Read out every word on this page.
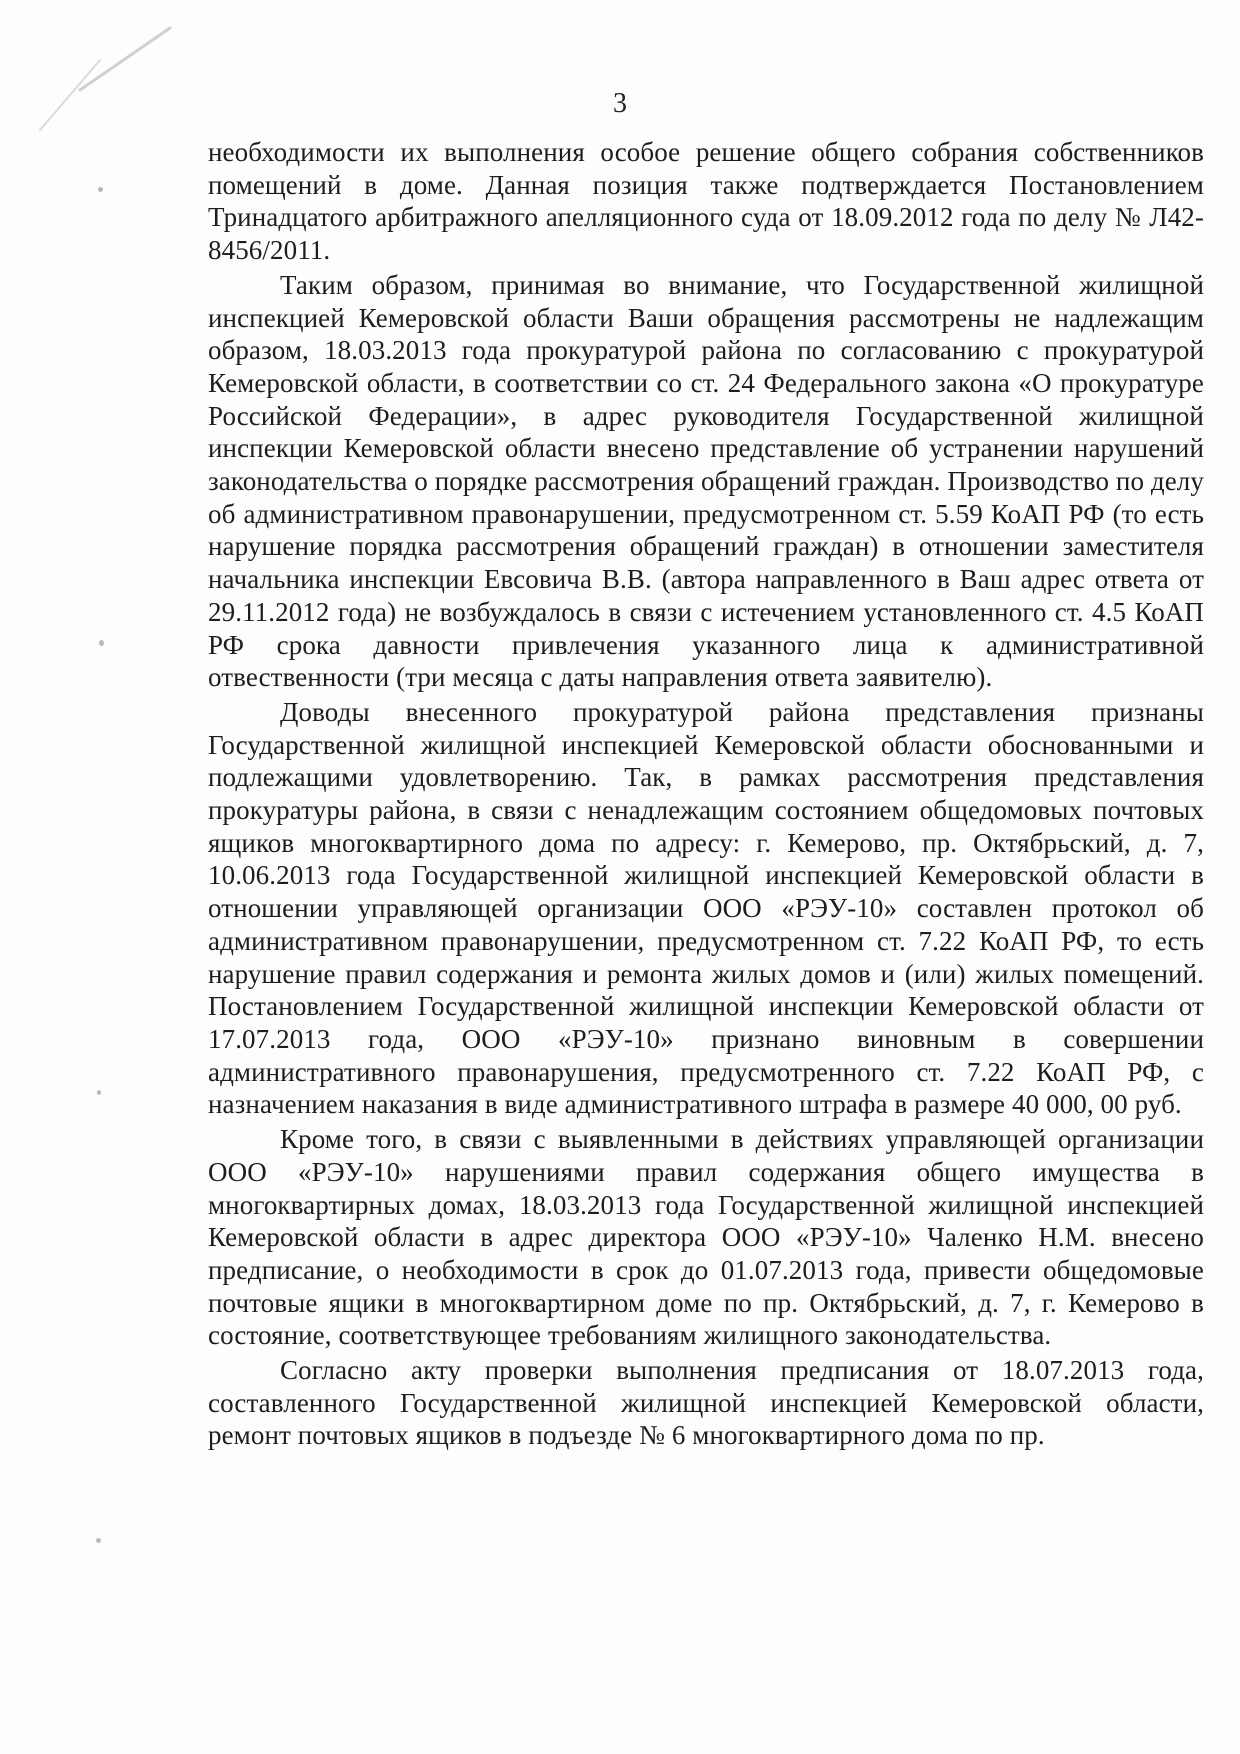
3

необходимости их выполнения особое решение общего собрания собственников помещений в доме. Данная позиция также подтверждается Постановлением Тринадцатого арбитражного апелляционного суда от 18.09.2012 года по делу № Л42-8456/2011.

Таким образом, принимая во внимание, что Государственной жилищной инспекцией Кемеровской области Ваши обращения рассмотрены не надлежащим образом, 18.03.2013 года прокуратурой района по согласованию с прокуратурой Кемеровской области, в соответствии со ст. 24 Федерального закона «О прокуратуре Российской Федерации», в адрес руководителя Государственной жилищной инспекции Кемеровской области внесено представление об устранении нарушений законодательства о порядке рассмотрения обращений граждан. Производство по делу об административном правонарушении, предусмотренном ст. 5.59 КоАП РФ (то есть нарушение порядка рассмотрения обращений граждан) в отношении заместителя начальника инспекции Евсовича В.В. (автора направленного в Ваш адрес ответа от 29.11.2012 года) не возбуждалось в связи с истечением установленного ст. 4.5 КоАП РФ срока давности привлечения указанного лица к административной отвественности (три месяца с даты направления ответа заявителю).

Доводы внесенного прокуратурой района представления признаны Государственной жилищной инспекцией Кемеровской области обоснованными и подлежащими удовлетворению. Так, в рамках рассмотрения представления прокуратуры района, в связи с ненадлежащим состоянием общедомовых почтовых ящиков многоквартирного дома по адресу: г. Кемерово, пр. Октябрьский, д. 7, 10.06.2013 года Государственной жилищной инспекцией Кемеровской области в отношении управляющей организации ООО «РЭУ-10» составлен протокол об административном правонарушении, предусмотренном ст. 7.22 КоАП РФ, то есть нарушение правил содержания и ремонта жилых домов и (или) жилых помещений. Постановлением Государственной жилищной инспекции Кемеровской области от 17.07.2013 года, ООО «РЭУ-10» признано виновным в совершении административного правонарушения, предусмотренного ст. 7.22 КоАП РФ, с назначением наказания в виде административного штрафа в размере 40 000, 00 руб.

Кроме того, в связи с выявленными в действиях управляющей организации ООО «РЭУ-10» нарушениями правил содержания общего имущества в многоквартирных домах, 18.03.2013 года Государственной жилищной инспекцией Кемеровской области в адрес директора ООО «РЭУ-10» Чаленко Н.М. внесено предписание, о необходимости в срок до 01.07.2013 года, привести общедомовые почтовые ящики в многоквартирном доме по пр. Октябрьский, д. 7, г. Кемерово в состояние, соответствующее требованиям жилищного законодательства.

Согласно акту проверки выполнения предписания от 18.07.2013 года, составленного Государственной жилищной инспекцией Кемеровской области, ремонт почтовых ящиков в подъезде № 6 многоквартирного дома по пр.
